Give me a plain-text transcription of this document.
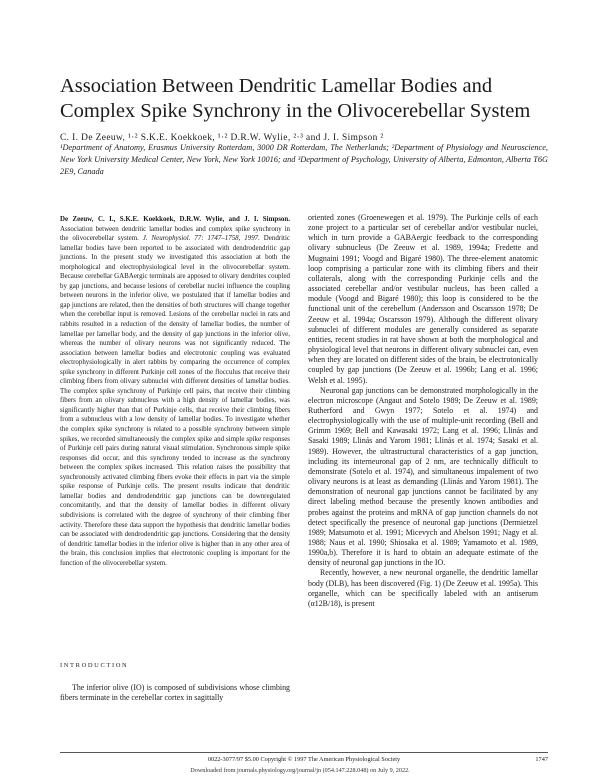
Association Between Dendritic Lamellar Bodies and Complex Spike Synchrony in the Olivocerebellar System
C. I. De Zeeuw, ¹·² S.K.E. Koekkoek, ¹·² D.R.W. Wylie, ²·³ and J. I. Simpson ²
¹Department of Anatomy, Erasmus University Rotterdam, 3000 DR Rotterdam, The Netherlands; ²Department of Physiology and Neuroscience, New York University Medical Center, New York, New York 10016; and ³Department of Psychology, University of Alberta, Edmonton, Alberta T6G 2E9, Canada

De Zeeuw, C. I., S.K.E. Koekkoek, D.R.W. Wylie, and J. I. Simpson. Association between dendritic lamellar bodies and complex spike synchrony in the olivocerebellar system. J. Neurophysiol. 77: 1747–1758, 1997. Dendritic lamellar bodies have been reported to be associated with dendrodendritic gap junctions. In the present study we investigated this association at both the morphological and electrophysiological level in the olivocerebellar system. Because cerebellar GABAergic terminals are apposed to olivary dendrites coupled by gap junctions, and because lesions of cerebellar nuclei influence the coupling between neurons in the inferior olive, we postulated that if lamellar bodies and gap junctions are related, then the densities of both structures will change together when the cerebellar input is removed. Lesions of the cerebellar nuclei in rats and rabbits resulted in a reduction of the density of lamellar bodies, the number of lamellae per lamellar body, and the density of gap junctions in the inferior olive, whereas the number of olivary neurons was not significantly reduced. The association between lamellar bodies and electrotonic coupling was evaluated electrophysiologically in alert rabbits by comparing the occurrence of complex spike synchrony in different Purkinje cell zones of the flocculus that receive their climbing fibers from olivary subnuclei with different densities of lamellar bodies. The complex spike synchrony of Purkinje cell pairs, that receive their climbing fibers from an olivary subnucleus with a high density of lamellar bodies, was significantly higher than that of Purkinje cells, that receive their climbing fibers from a subnucleus with a low density of lamellar bodies. To investigate whether the complex spike synchrony is related to a possible synchrony between simple spikes, we recorded simultaneously the complex spike and simple spike responses of Purkinje cell pairs during natural visual stimulation. Synchronous simple spike responses did occur, and this synchrony tended to increase as the synchrony between the complex spikes increased. This relation raises the possibility that synchronously activated climbing fibers evoke their effects in part via the simple spike response of Purkinje cells. The present results indicate that dendritic lamellar bodies and dendrodendritic gap junctions can be downregulated concomitantly, and that the density of lamellar bodies in different olivary subdivisions is correlated with the degree of synchrony of their climbing fiber activity. Therefore these data support the hypothesis that dendritic lamellar bodies can be associated with dendrodendritic gap junctions. Considering that the density of dendritic lamellar bodies in the inferior olive is higher than in any other area of the brain, this conclusion implies that electrotonic coupling is important for the function of the olivocerebellar system.

INTRODUCTION
The inferior olive (IO) is composed of subdivisions whose climbing fibers terminate in the cerebellar cortex in sagittally

oriented zones (Groenewegen et al. 1979). The Purkinje cells of each zone project to a particular set of cerebellar and/or vestibular nuclei, which in turn provide a GABAergic feedback to the corresponding olivary subnucleus (De Zeeuw et al. 1989, 1994a; Fredette and Mugnaini 1991; Voogd and Bigaré 1980). The three-element anatomic loop comprising a particular zone with its climbing fibers and their collaterals, along with the corresponding Purkinje cells and the associated cerebellar and/or vestibular nucleus, has been called a module (Voogd and Bigaré 1980); this loop is considered to be the functional unit of the cerebellum (Andersson and Oscarsson 1978; De Zeeuw et al. 1994a; Oscarsson 1979). Although the different olivary subnuclei of different modules are generally considered as separate entities, recent studies in rat have shown at both the morphological and physiological level that neurons in different olivary subnuclei can, even when they are located on different sides of the brain, be electrotonically coupled by gap junctions (De Zeeuw et al. 1996b; Lang et al. 1996; Welsh et al. 1995).

Neuronal gap junctions can be demonstrated morphologically in the electron microscope (Angaut and Sotelo 1989; De Zeeuw et al. 1989; Rutherford and Gwyn 1977; Sotelo et al. 1974) and electrophysiologically with the use of multiple-unit recording (Bell and Grimm 1969; Bell and Kawasaki 1972; Lang et al. 1996; Llinás and Sasaki 1989; Llinás and Yarom 1981; Llinás et al. 1974; Sasaki et al. 1989). However, the ultrastructural characteristics of a gap junction, including its interneuronal gap of 2 nm, are technically difficult to demonstrate (Sotelo et al. 1974), and simultaneous impalement of two olivary neurons is at least as demanding (Llinás and Yarom 1981). The demonstration of neuronal gap junctions cannot be facilitated by any direct labeling method because the presently known antibodies and probes against the proteins and mRNA of gap junction channels do not detect specifically the presence of neuronal gap junctions (Dermietzel 1989; Matsumoto et al. 1991; Micevych and Abelson 1991; Nagy et al. 1988; Naus et al. 1990; Shiosaka et al. 1989; Yamamoto et al. 1989, 1990a,b). Therefore it is hard to obtain an adequate estimate of the density of neuronal gap junctions in the IO.

Recently, however, a new neuronal organelle, the dendritic lamellar body (DLB), has been discovered (Fig. 1) (De Zeeuw et al. 1995a). This organelle, which can be specifically labeled with an antiserum (α12B/18), is present

0022-3077/97 $5.00 Copyright © 1997 The American Physiological Society	1747
Downloaded from journals.physiology.org/journal/jn (054.147.228.048) on July 9, 2022.
